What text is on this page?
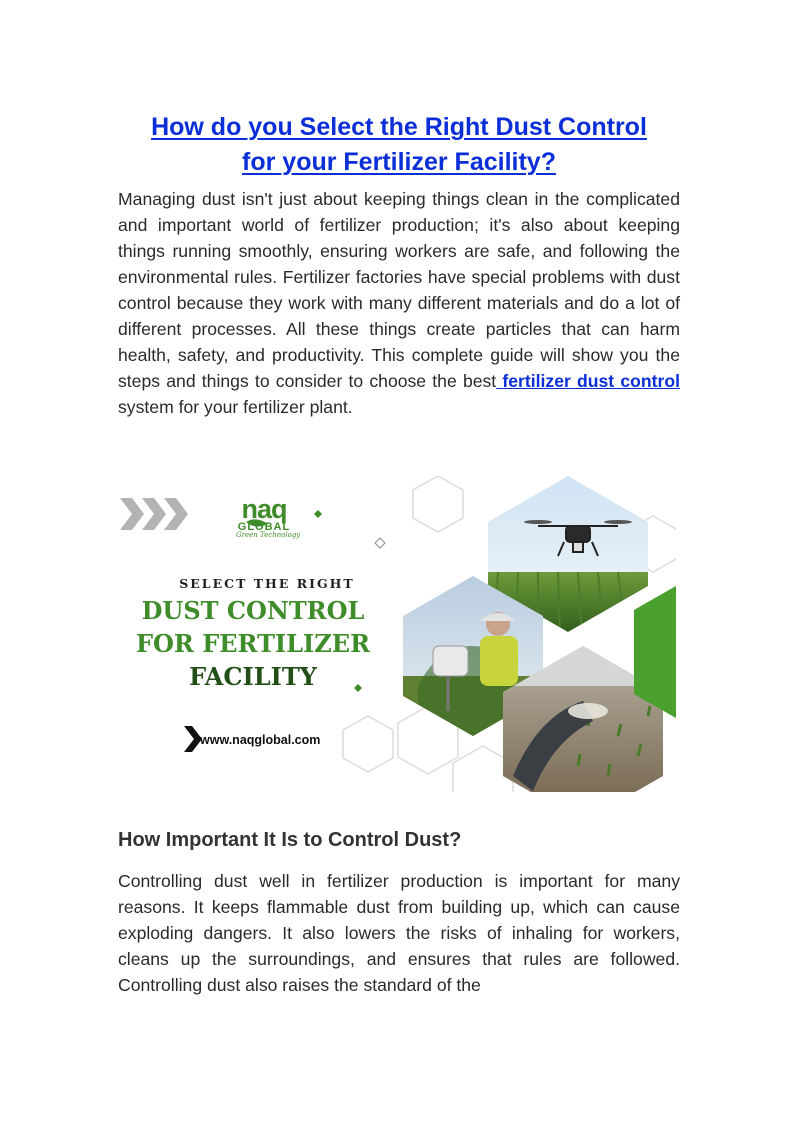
How do you Select the Right Dust Control
for your Fertilizer Facility?

Managing dust isn't just about keeping things clean in the complicated and important world of fertilizer production; it's also about keeping things running smoothly, ensuring workers are safe, and following the environmental rules. Fertilizer factories have special problems with dust control because they work with many different materials and do a lot of different processes. All these things create particles that can harm health, safety, and productivity. This complete guide will show you the steps and things to consider to choose the best fertilizer dust control system for your fertilizer plant.

naq
GLOBAL
Green Technology
SELECT THE RIGHT
DUST CONTROL
FOR FERTILIZER
FACILITY
www.naqglobal.com
How Important It Is to Control Dust?

Controlling dust well in fertilizer production is important for many reasons. It keeps flammable dust from building up, which can cause exploding dangers. It also lowers the risks of inhaling for workers, cleans up the surroundings, and ensures that rules are followed. Controlling dust also raises the standard of the
